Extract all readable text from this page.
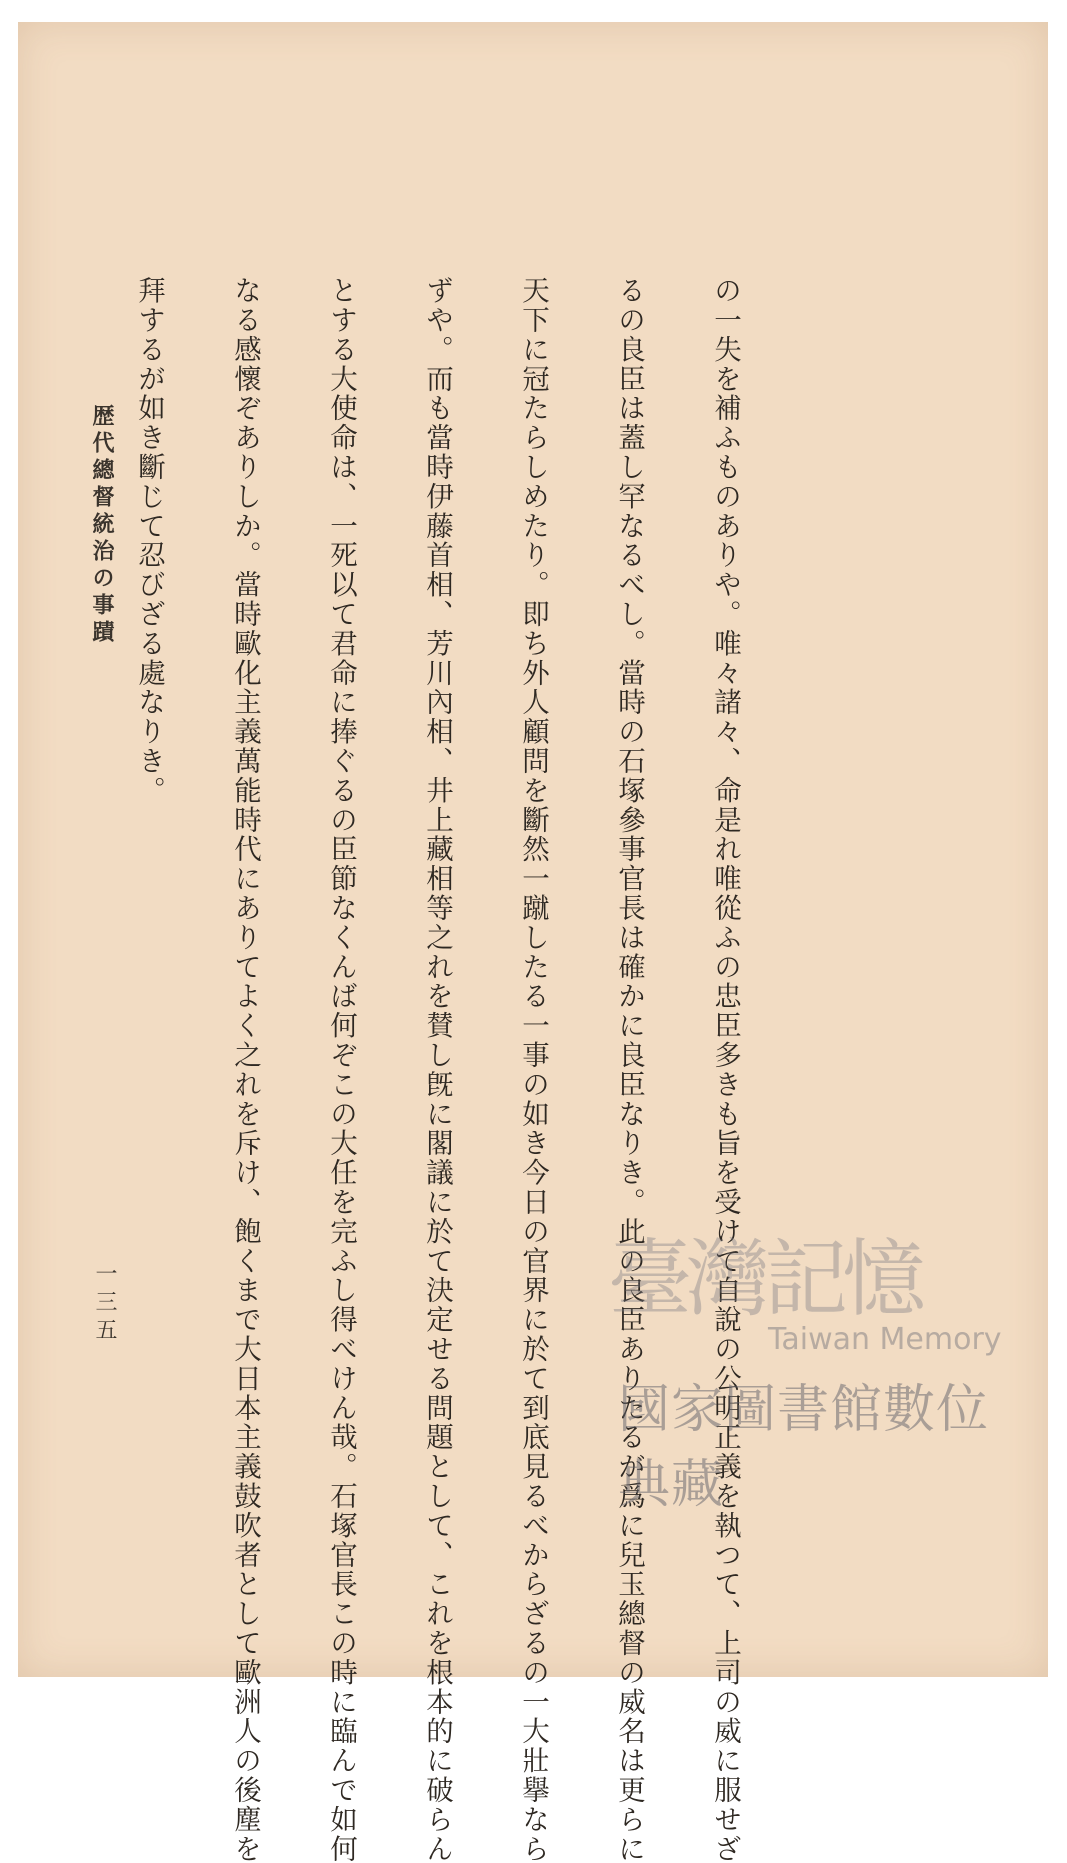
の一失を補ふものありや。唯々諸々、命是れ唯從ふの忠臣多きも旨を受けて自說の公明正義を執つて、上司の威に服せざ

るの良臣は蓋し罕なるべし。當時の石塚參事官長は確かに良臣なりき。此の良臣ありたるが爲に兒玉總督の威名は更らに

天下に冠たらしめたり。即ち外人顧問を斷然一蹴したる一事の如き今日の官界に於て到底見るべからざるの一大壯擧なら

ずや。而も當時伊藤首相、芳川內相、井上藏相等之れを賛し旣に閣議に於て決定せる問題として、これを根本的に破らん

とする大使命は、一死以て君命に捧ぐるの臣節なくんば何ぞこの大任を完ふし得べけん哉。石塚官長この時に臨んで如何

なる感懷ぞありしか。當時歐化主義萬能時代にありてよく之れを斥け、飽くまで大日本主義鼓吹者として歐洲人の後塵を

拜するが如き斷じて忍びざる處なりき。

歴代總督統治の事蹟
一三五	臺灣記憶
Taiwan Memory
國家圖書館數位典藏
